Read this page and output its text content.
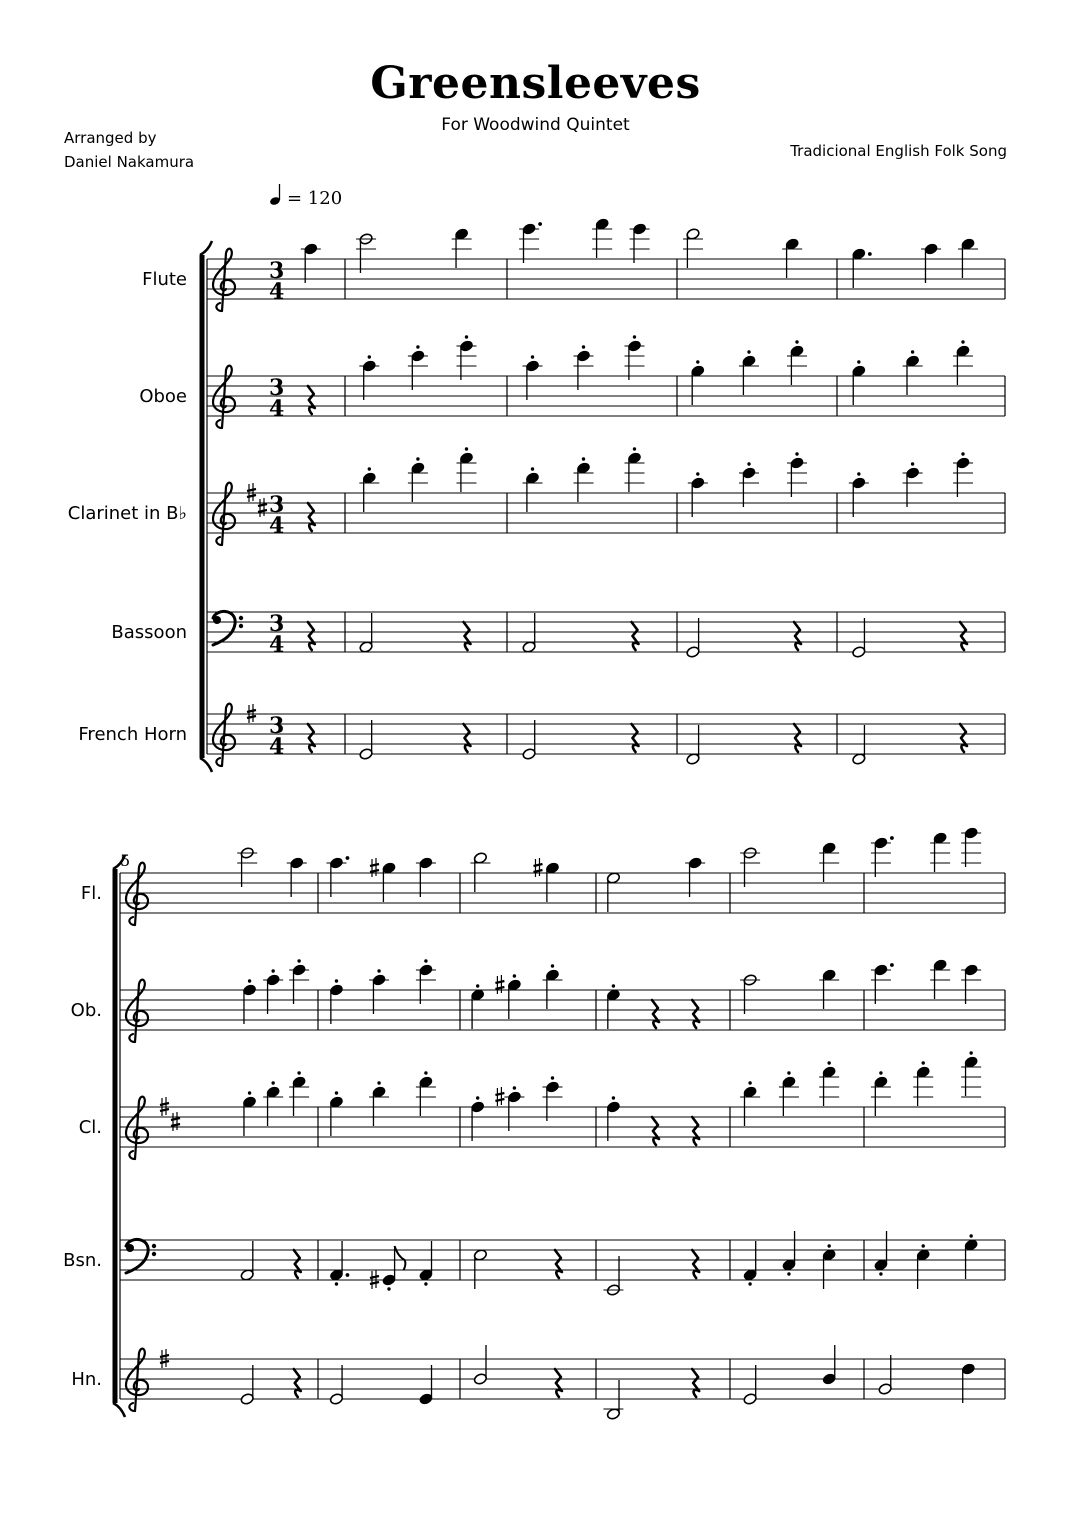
Greensleeves
For Woodwind Quintet
Arranged by
Daniel Nakamura
Tradicional English Folk Song
= 120
5
Flute	3
4
Oboe	3
4
Clarinet in B♭	3
4
Bassoon	3
4
French Horn	3
4
Fl.
Ob.
Cl.
Bsn.
Hn.
